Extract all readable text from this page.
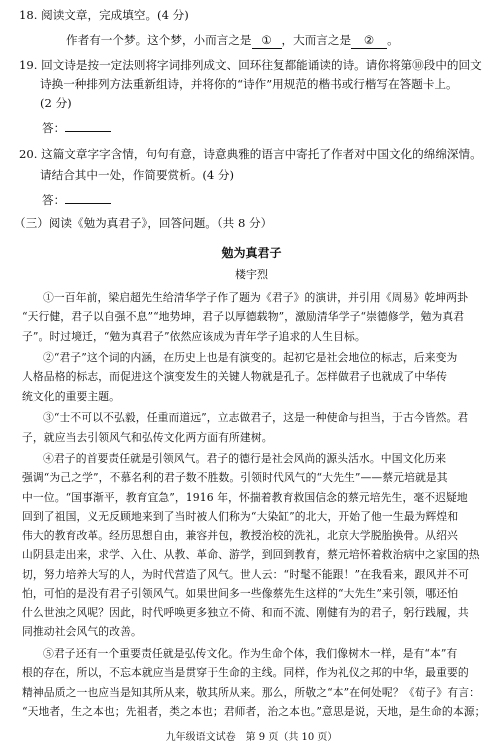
18. 阅读文章，完成填空。(4 分)
作者有一个梦。这个梦，小而言之是 ① ，大而言之是 ② 。
19. 回文诗是按一定法则将字词排列成文、回环往复都能诵读的诗。请你将第⑩段中的回文
诗换一种排列方法重新组诗，并将你的“诗作”用规范的楷书或行楷写在答题卡上。
(2 分)
答：
20. 这篇文章字字含情，句句有意，诗意典雅的语言中寄托了作者对中国文化的绵绵深情。
请结合其中一处，作简要赏析。(4 分)
答：
（三）阅读《勉为真君子》，回答问题。（共 8 分）
勉为真君子
楼宇烈
①一百年前，梁启超先生给清华学子作了题为《君子》的演讲，并引用《周易》乾坤两卦
“天行健，君子以自强不息”“地势坤，君子以厚德载物”，激励清华学子“崇德修学，勉为真君
子”。时过境迁，“勉为真君子”依然应该成为青年学子追求的人生目标。
②“君子”这个词的内涵，在历史上也是有演变的。起初它是社会地位的标志，后来变为
人格品格的标志，而促进这个演变发生的关键人物就是孔子。怎样做君子也就成了中华传
统文化的重要主题。
③“士不可以不弘毅，任重而道远”，立志做君子，这是一种使命与担当，于古今皆然。君
子，就应当去引领风气和弘传文化两方面有所建树。
④君子的首要责任就是引领风气。君子的德行是社会风尚的源头活水。中国文化历来
强调“为己之学”，不慕名利的君子数不胜数。引领时代风气的“大先生”——蔡元培就是其
中一位。“国事渐平，教育宜急”，1916 年，怀揣着教育救国信念的蔡元培先生，毫不迟疑地
回到了祖国，义无反顾地来到了当时被人们称为“大染缸”的北大，开始了他一生最为辉煌和
伟大的教育改革。经历思想自由，兼容并包，教授治校的洗礼，北京大学脱胎换骨。从绍兴
山阴县走出来，求学、入仕、从教、革命、游学，到回到教育，蔡元培怀着救治病中之家国的热
切，努力培养大写的人，为时代营造了风气。世人云：“时髦不能跟！”在我看来，跟风并不可
怕，可怕的是没有君子引领风气。如果世间多一些像蔡先生这样的“大先生”来引领，哪还怕
什么世浊之风呢？因此，时代呼唤更多独立不倚、和而不流、刚健有为的君子，躬行践履，共
同推动社会风气的改善。
⑤君子还有一个重要责任就是弘传文化。作为生命个体，我们像树木一样，是有“本”有
根的存在，所以，不忘本就应当是贯穿于生命的主线。同样，作为礼仪之邦的中华，最重要的
精神品质之一也应当是知其所从来，敬其所从来。那么，所敬之“本”在何处呢？《荀子》有言：
“天地者，生之本也；先祖者，类之本也；君师者，治之本也。”意思是说，天地，是生命的本源；
九年级语文试卷　第 9 页（共 10 页）
